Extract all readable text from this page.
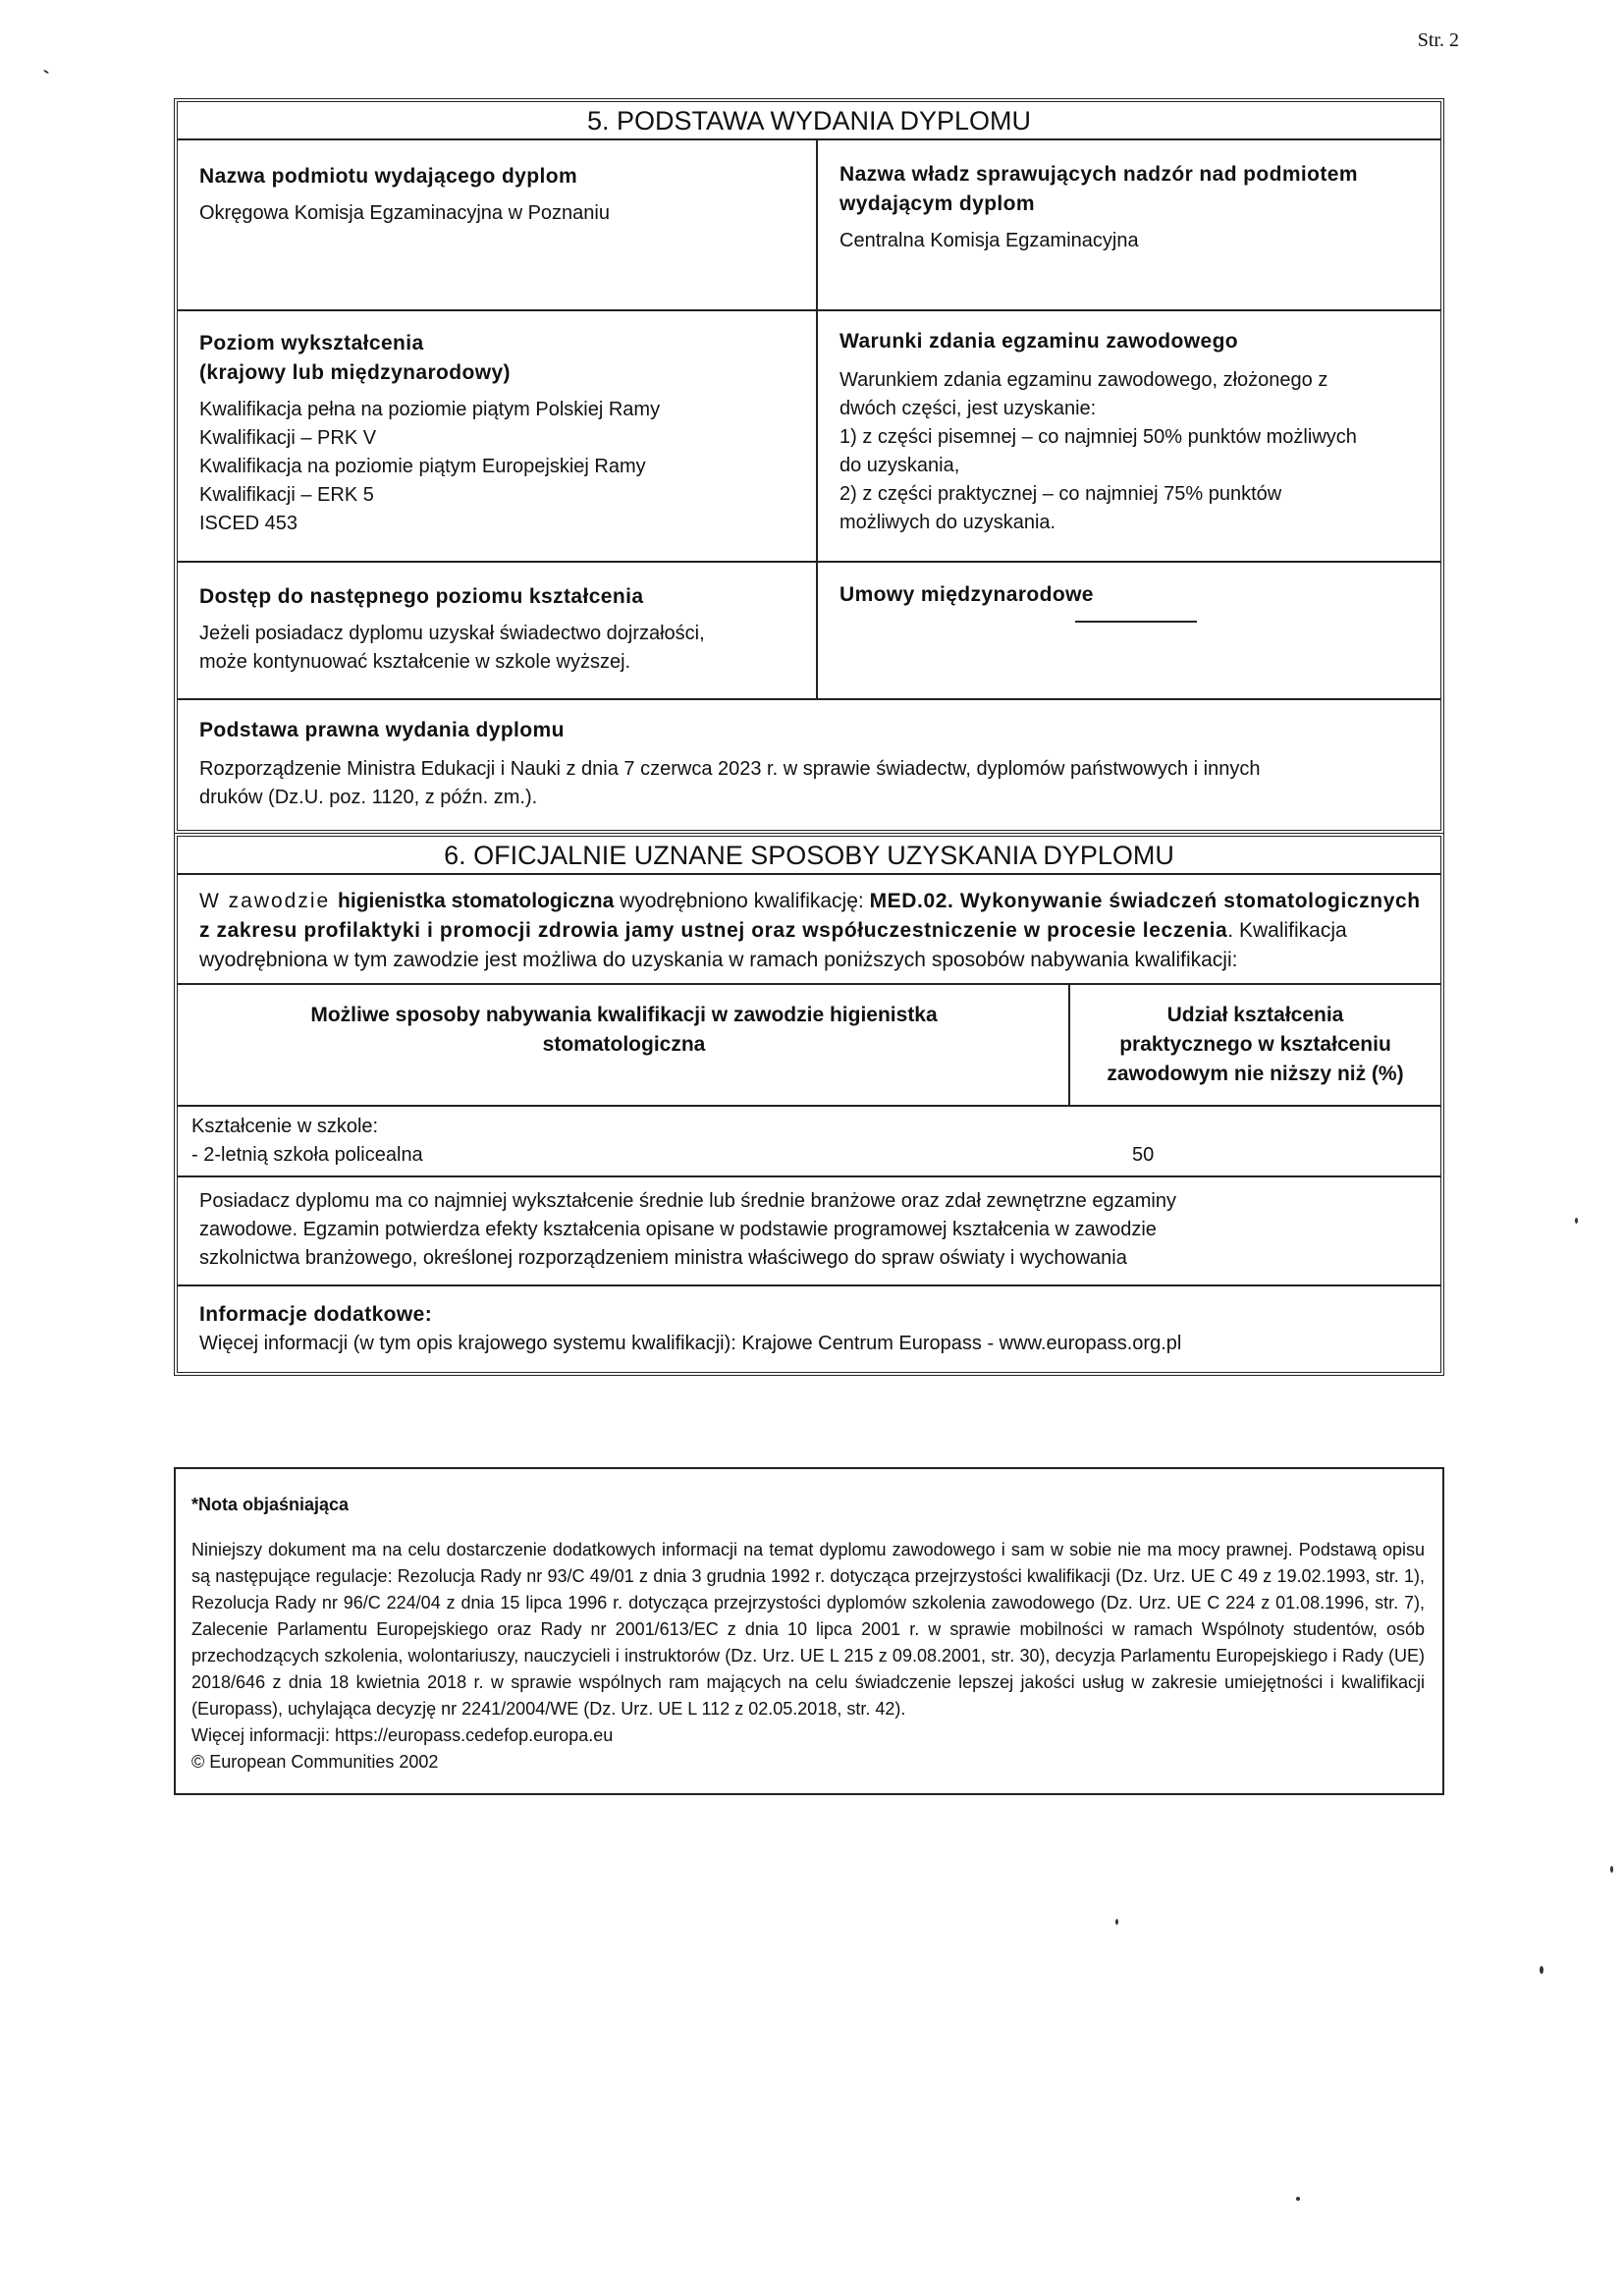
Str. 2
5. PODSTAWA WYDANIA DYPLOMU
Nazwa podmiotu wydającego dyplom
Okręgowa Komisja Egzaminacyjna w Poznaniu
Nazwa władz sprawujących nadzór nad podmiotem wydającym dyplom
Centralna Komisja Egzaminacyjna
Poziom wykształcenia
(krajowy lub międzynarodowy)
Kwalifikacja pełna na poziomie piątym Polskiej Ramy
Kwalifikacji – PRK V
Kwalifikacja na poziomie piątym Europejskiej Ramy
Kwalifikacji – ERK 5
ISCED 453
Warunki zdania egzaminu zawodowego
Warunkiem zdania egzaminu zawodowego, złożonego z
dwóch części, jest uzyskanie:
1) z części pisemnej – co najmniej 50% punktów możliwych
do uzyskania,
2) z części praktycznej – co najmniej 75% punktów
możliwych do uzyskania.
Dostęp do następnego poziomu kształcenia
Jeżeli posiadacz dyplomu uzyskał świadectwo dojrzałości,
może kontynuować kształcenie w szkole wyższej.
Umowy międzynarodowe
Podstawa prawna wydania dyplomu
Rozporządzenie Ministra Edukacji i Nauki z dnia 7 czerwca 2023 r. w sprawie świadectw, dyplomów państwowych i innych
druków (Dz.U. poz. 1120, z późn. zm.).
6. OFICJALNIE UZNANE SPOSOBY UZYSKANIA DYPLOMU
W zawodzie higienistka stomatologiczna wyodrębniono kwalifikację: MED.02. Wykonywanie świadczeń stomatologicznych z zakresu profilaktyki i promocji zdrowia jamy ustnej oraz współuczestniczenie w procesie leczenia. Kwalifikacja wyodrębniona w tym zawodzie jest możliwa do uzyskania w ramach poniższych sposobów nabywania kwalifikacji:
Możliwe sposoby nabywania kwalifikacji w zawodzie higienistka
stomatologiczna
Udział kształcenia
praktycznego w kształceniu
zawodowym nie niższy niż (%)
Kształcenie w szkole:
- 2-letnią szkoła policealna	50
Posiadacz dyplomu ma co najmniej wykształcenie średnie lub średnie branżowe oraz zdał zewnętrzne egzaminy
zawodowe. Egzamin potwierdza efekty kształcenia opisane w podstawie programowej kształcenia w zawodzie
szkolnictwa branżowego, określonej rozporządzeniem ministra właściwego do spraw oświaty i wychowania
Informacje dodatkowe:
Więcej informacji (w tym opis krajowego systemu kwalifikacji): Krajowe Centrum Europass - www.europass.org.pl
*Nota objaśniająca
Niniejszy dokument ma na celu dostarczenie dodatkowych informacji na temat dyplomu zawodowego i sam w sobie nie ma mocy prawnej. Podstawą opisu są następujące regulacje: Rezolucja Rady nr 93/C 49/01 z dnia 3 grudnia 1992 r. dotycząca przejrzystości kwalifikacji (Dz. Urz. UE C 49 z 19.02.1993, str. 1), Rezolucja Rady nr 96/C 224/04 z dnia 15 lipca 1996 r. dotycząca przejrzystości dyplomów szkolenia zawodowego (Dz. Urz. UE C 224 z 01.08.1996, str. 7), Zalecenie Parlamentu Europejskiego oraz Rady nr 2001/613/EC z dnia 10 lipca 2001 r. w sprawie mobilności w ramach Wspólnoty studentów, osób przechodzących szkolenia, wolontariuszy, nauczycieli i instruktorów (Dz. Urz. UE L 215 z 09.08.2001, str. 30), decyzja Parlamentu Europejskiego i Rady (UE) 2018/646 z dnia 18 kwietnia 2018 r. w sprawie wspólnych ram mających na celu świadczenie lepszej jakości usług w zakresie umiejętności i kwalifikacji (Europass), uchylająca decyzję nr 2241/2004/WE (Dz. Urz. UE L 112 z 02.05.2018, str. 42).
Więcej informacji: https://europass.cedefop.europa.eu
© European Communities 2002
